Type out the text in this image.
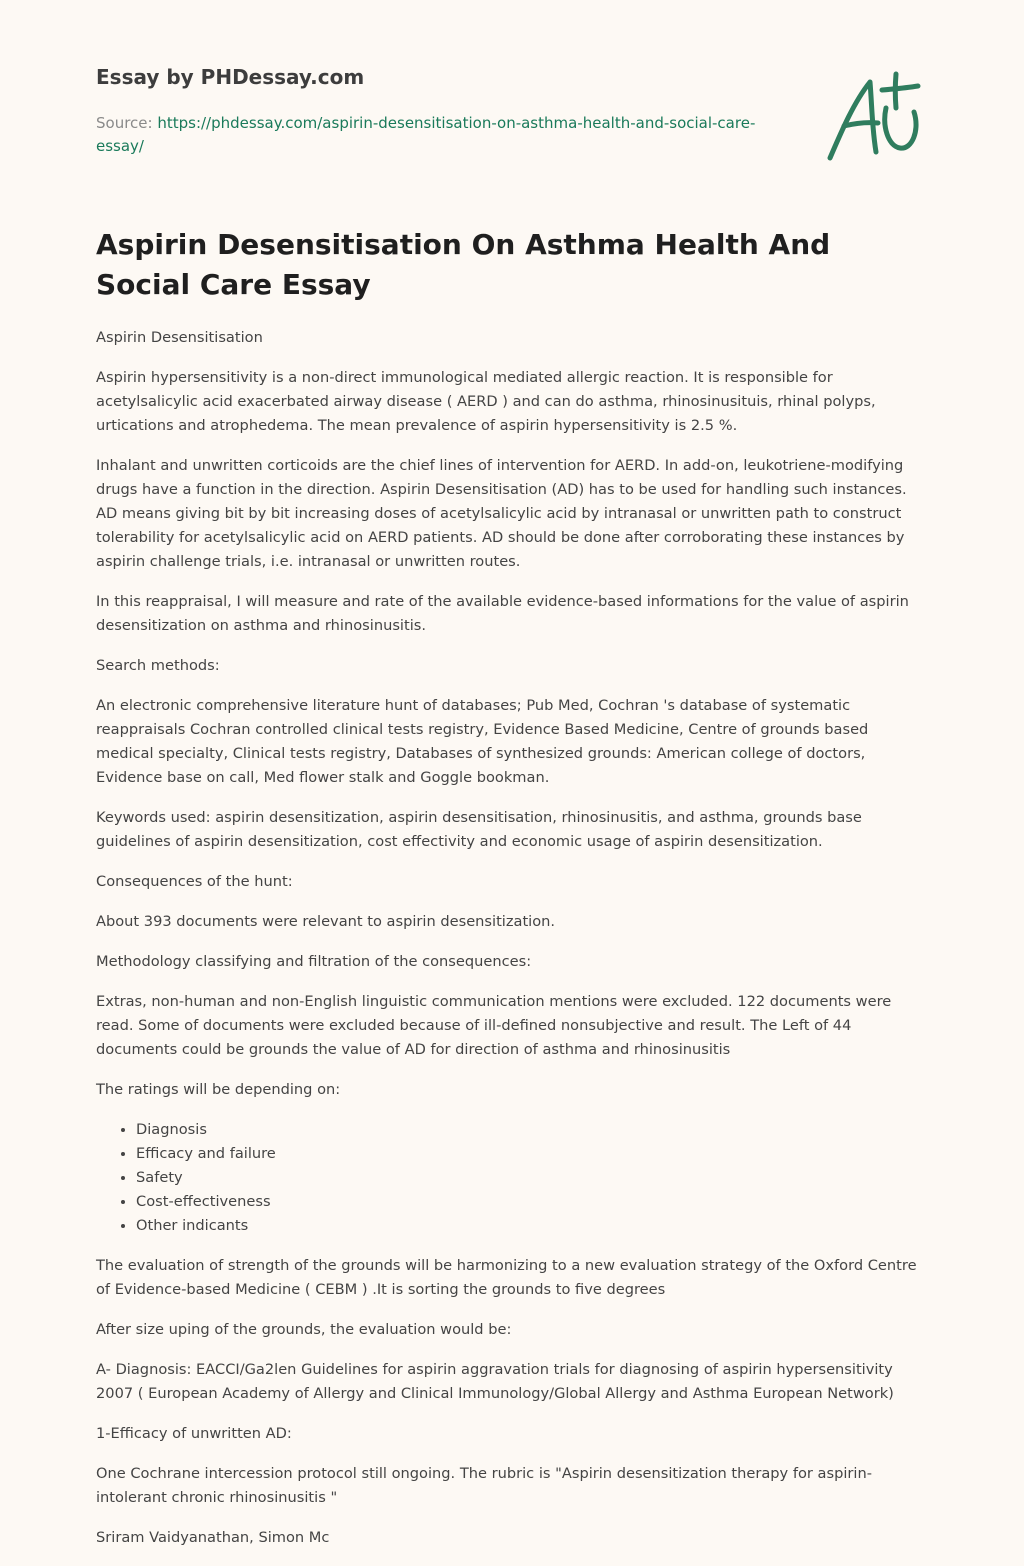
Essay by PHDessay.com
Source: https://phdessay.com/aspirin-desensitisation-on-asthma-health-and-social-care-essay/
Aspirin Desensitisation On Asthma Health And Social Care Essay

Aspirin Desensitisation

Aspirin hypersensitivity is a non-direct immunological mediated allergic reaction. It is responsible for acetylsalicylic acid exacerbated airway disease ( AERD ) and can do asthma, rhinosinusituis, rhinal polyps, urtications and atrophedema. The mean prevalence of aspirin hypersensitivity is 2.5 %.

Inhalant and unwritten corticoids are the chief lines of intervention for AERD. In add-on, leukotriene-modifying drugs have a function in the direction. Aspirin Desensitisation (AD) has to be used for handling such instances. AD means giving bit by bit increasing doses of acetylsalicylic acid by intranasal or unwritten path to construct tolerability for acetylsalicylic acid on AERD patients. AD should be done after corroborating these instances by aspirin challenge trials, i.e. intranasal or unwritten routes.

In this reappraisal, I will measure and rate of the available evidence-based informations for the value of aspirin desensitization on asthma and rhinosinusitis.

Search methods:

An electronic comprehensive literature hunt of databases; Pub Med, Cochran 's database of systematic reappraisals Cochran controlled clinical tests registry, Evidence Based Medicine, Centre of grounds based medical specialty, Clinical tests registry, Databases of synthesized grounds: American college of doctors, Evidence base on call, Med flower stalk and Goggle bookman.

Keywords used: aspirin desensitization, aspirin desensitisation, rhinosinusitis, and asthma, grounds base guidelines of aspirin desensitization, cost effectivity and economic usage of aspirin desensitization.

Consequences of the hunt:

About 393 documents were relevant to aspirin desensitization.

Methodology classifying and filtration of the consequences:

Extras, non-human and non-English linguistic communication mentions were excluded. 122 documents were read. Some of documents were excluded because of ill-defined nonsubjective and result. The Left of 44 documents could be grounds the value of AD for direction of asthma and rhinosinusitis

The ratings will be depending on:

• Diagnosis
• Efficacy and failure
• Safety
• Cost-effectiveness
• Other indicants

The evaluation of strength of the grounds will be harmonizing to a new evaluation strategy of the Oxford Centre of Evidence-based Medicine ( CEBM ) .It is sorting the grounds to five degrees

After size uping of the grounds, the evaluation would be:

A- Diagnosis: EACCI/Ga2len Guidelines for aspirin aggravation trials for diagnosing of aspirin hypersensitivity 2007 ( European Academy of Allergy and Clinical Immunology/Global Allergy and Asthma European Network)

1-Efficacy of unwritten AD:

One Cochrane intercession protocol still ongoing. The rubric is "Aspirin desensitization therapy for aspirin-intolerant chronic rhinosinusitis "

Sriram Vaidyanathan, Simon Mc
